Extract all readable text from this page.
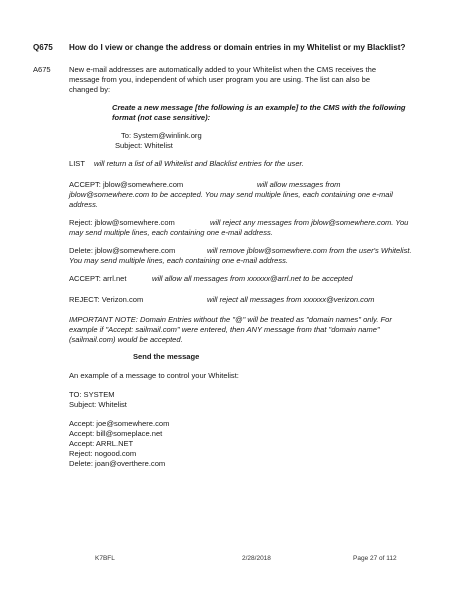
Q675 How do I view or change the address or domain entries in my Whitelist or my Blacklist?
A675 New e-mail addresses are automatically added to your Whitelist when the CMS receives the
message from you, independent of which user program you are using. The list can also be
changed by:
Create a new message [the following is an example] to the CMS with the following
format (not case sensitive):
To: System@winlink.org
Subject: Whitelist
LIST will return a list of all Whitelist and Blacklist entries for the user.
ACCEPT: jblow@somewhere.com	will allow messages from
jblow@somewhere.com to be accepted. You may send multiple lines, each containing one e-mail
address.
Reject: jblow@somewhere.com	will reject any messages from jblow@somewhere.com. You
may send multiple lines, each containing one e-mail address.
Delete: jblow@somewhere.com	will remove jblow@somewhere.com from the user's Whitelist.
You may send multiple lines, each containing one e-mail address.
ACCEPT: arrl.net	will allow all messages from xxxxxx@arrl.net to be accepted
REJECT: Verizon.com	will reject all messages from xxxxxx@verizon.com
IMPORTANT NOTE: Domain Entries without the "@" will be treated as "domain names" only. For
example if "Accept: sailmail.com" were entered, then ANY message from that "domain name"
(sailmail.com) would be accepted.
Send the message
An example of a message to control your Whitelist:
TO: SYSTEM
Subject: Whitelist
Accept: joe@somewhere.com
Accept: bill@someplace.net
Accept: ARRL.NET
Reject: nogood.com
Delete: joan@overthere.com
K7BFL	2/28/2018	Page 27 of 112
